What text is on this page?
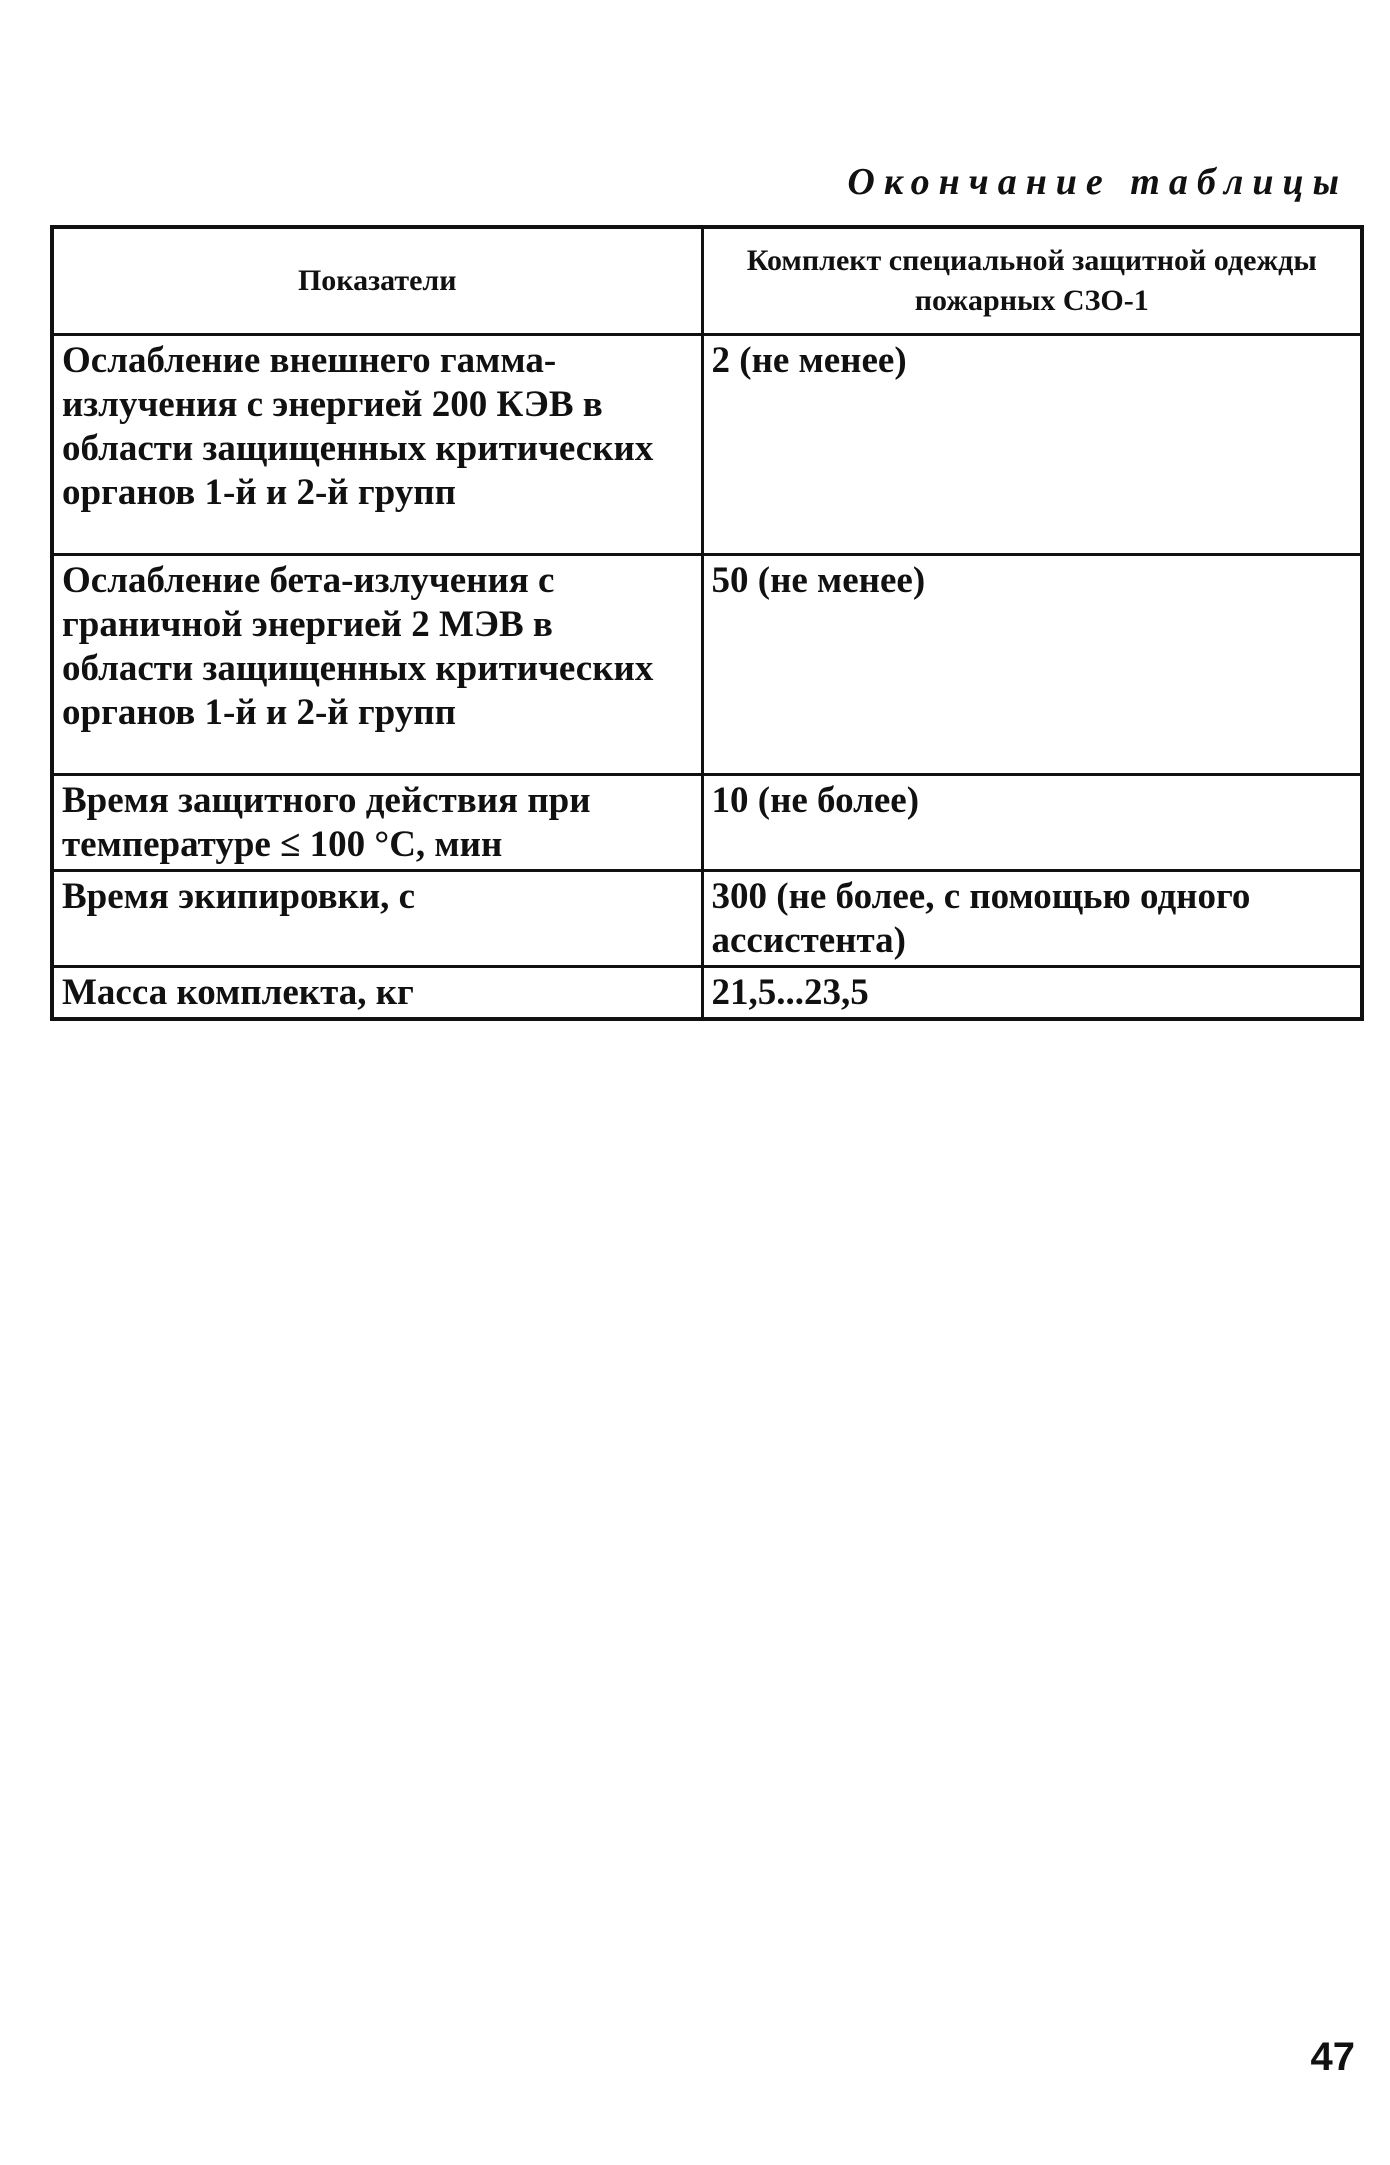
Окончание таблицы
Показатели	Комплект специальной защитной одежды пожарных СЗО-1
Ослабление внешнего гамма-излучения с энергией 200 КЭВ в области защищенных критических органов 1-й и 2-й групп	2 (не менее)
Ослабление бета-излучения с граничной энергией 2 МЭВ в области защищенных критических органов 1-й и 2-й групп	50 (не менее)
Время защитного действия при температуре ≤ 100 °С, мин	10 (не более)
Время экипировки, с	300 (не более, с помощью одного ассистента)
Масса комплекта, кг	21,5...23,5
47
